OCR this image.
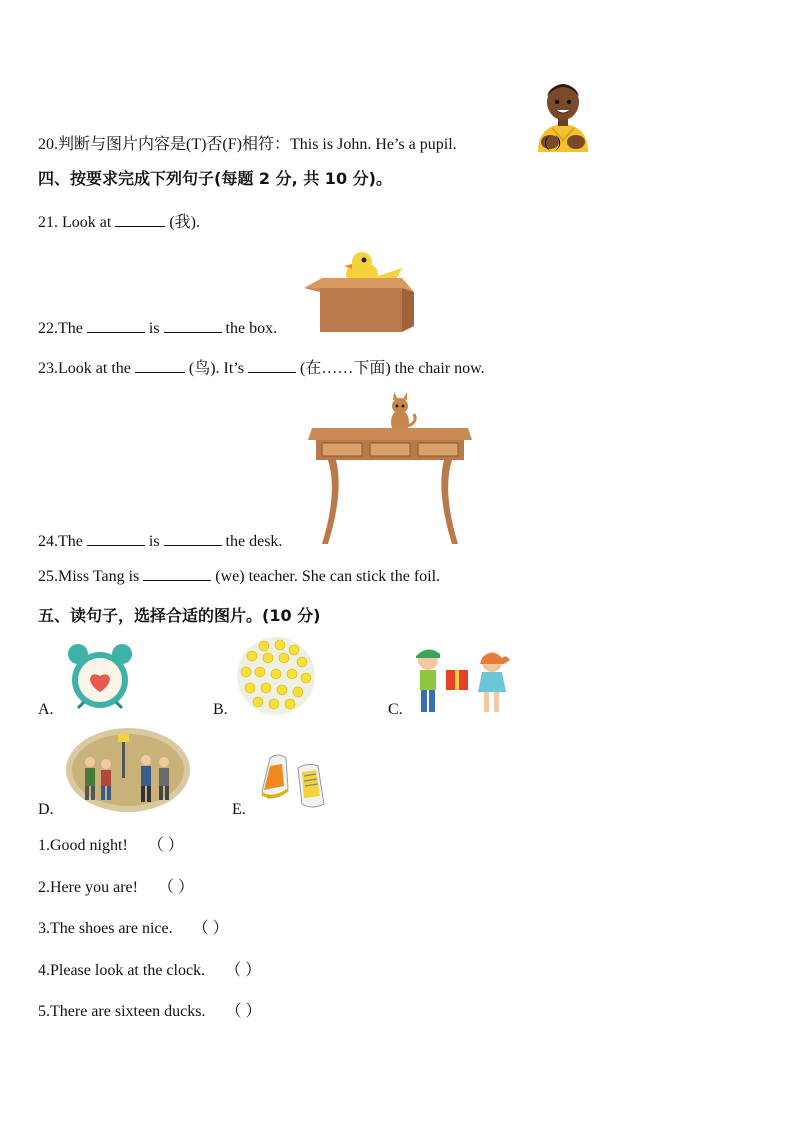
20.判断与图片内容是(T)否(F)相符：This is John. He’s a pupil.	（ ）
四、按要求完成下列句子(每题 2 分, 共 10 分)。
21. Look at	(我).
22.The	is	the box.
23.Look at the	(鸟). It’s	(在……下面) the chair now.
24.The	is	the desk.
25.Miss Tang is	(we) teacher. She can stick the foil.
五、读句子，选择合适的图片。(10 分)
A.	B.	C.
D.	E.
1.Good night! （ ）
2.Here you are! （ ）
3.The shoes are nice. （ ）
4.Please look at the clock. （ ）
5.There are sixteen ducks. （ ）
